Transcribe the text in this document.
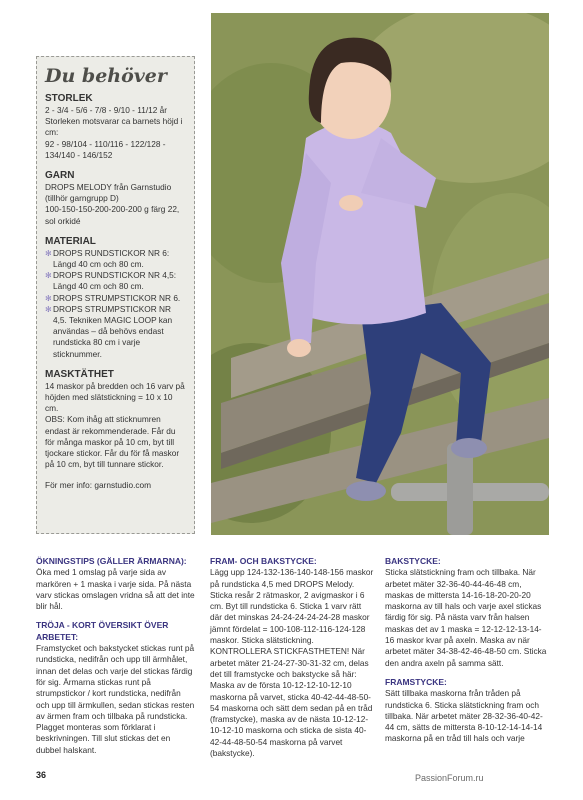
Du behöver
STORLEK

2 - 3/4 - 5/6 - 7/8 - 9/10 - 11/12 år

Storleken motsvarar ca barnets höjd i cm:

92 - 98/104 - 110/116 - 122/128 - 134/140 - 146/152

GARN

DROPS MELODY från Garnstudio (tillhör garngrupp D)

100-150-150-200-200-200 g färg 22, sol orkidé

MATERIAL
✻ DROPS RUNDSTICKOR NR 6: Längd 40 cm och 80 cm.
✻ DROPS RUNDSTICKOR NR 4,5: Längd 40 cm och 80 cm.
✻ DROPS STRUMPSTICKOR NR 6.
✻ DROPS STRUMPSTICKOR NR 4,5. Tekniken MAGIC LOOP kan användas – då behövs endast rundsticka 80 cm i varje sticknummer.
MASKTÄTHET

14 maskor på bredden och 16 varv på höjden med slätstickning = 10 x 10 cm.

OBS: Kom ihåg att sticknumren endast är rekommenderade. Får du för många maskor på 10 cm, byt till tjockare stickor. Får du för få maskor på 10 cm, byt till tunnare stickor.

För mer info: garnstudio.com

ÖKNINGSTIPS (GÄLLER ÄRMARNA):

Öka med 1 omslag på varje sida av markören + 1 maska i varje sida. På nästa varv stickas omslagen vridna så att det inte blir hål.

TRÖJA - KORT ÖVERSIKT ÖVER ARBETET:

Framstycket och bakstycket stickas runt på rundsticka, nedifrån och upp till ärmhålet, innan det delas och varje del stickas färdig för sig. Ärmarna stickas runt på strumpstickor / kort rundsticka, nedifrån och upp till ärmkullen, sedan stickas resten av ärmen fram och tillbaka på rundsticka. Plagget monteras som förklarat i beskrivningen. Till slut stickas det en dubbel halskant.

FRAM- OCH BAKSTYCKE:

Lägg upp 124-132-136-140-148-156 maskor på rundsticka 4,5 med DROPS Melody. Sticka resår 2 rätmaskor, 2 avigmaskor i 6 cm. Byt till rundsticka 6. Sticka 1 varv rätt där det minskas 24-24-24-24-24-28 maskor jämnt fördelat = 100-108-112-116-124-128 maskor. Sticka slätstickning. KONTROLLERA STICKFASTHETEN! När arbetet mäter 21-24-27-30-31-32 cm, delas det till framstycke och bakstycke så här: Maska av de första 10-12-12-10-12-10 maskorna på varvet, sticka 40-42-44-48-50-54 maskorna och sätt dem sedan på en tråd (framstycke), maska av de nästa 10-12-12-10-12-10 maskorna och sticka de sista 40-42-44-48-50-54 maskorna på varvet (bakstycke).

BAKSTYCKE:

Sticka slätstickning fram och tillbaka. När arbetet mäter 32-36-40-44-46-48 cm, maskas de mittersta 14-16-18-20-20-20 maskorna av till hals och varje axel stickas färdig för sig. På nästa varv från halsen maskas det av 1 maska = 12-12-12-13-14-16 maskor kvar på axeln. Maska av när arbetet mäter 34-38-42-46-48-50 cm. Sticka den andra axeln på samma sätt.

FRAMSTYCKE:

Sätt tillbaka maskorna från tråden på rundsticka 6. Sticka slätstickning fram och tillbaka. När arbetet mäter 28-32-36-40-42-44 cm, sätts de mittersta 8-10-12-14-14-14 maskorna på en tråd till hals och varje

36	PassionForum.ru
